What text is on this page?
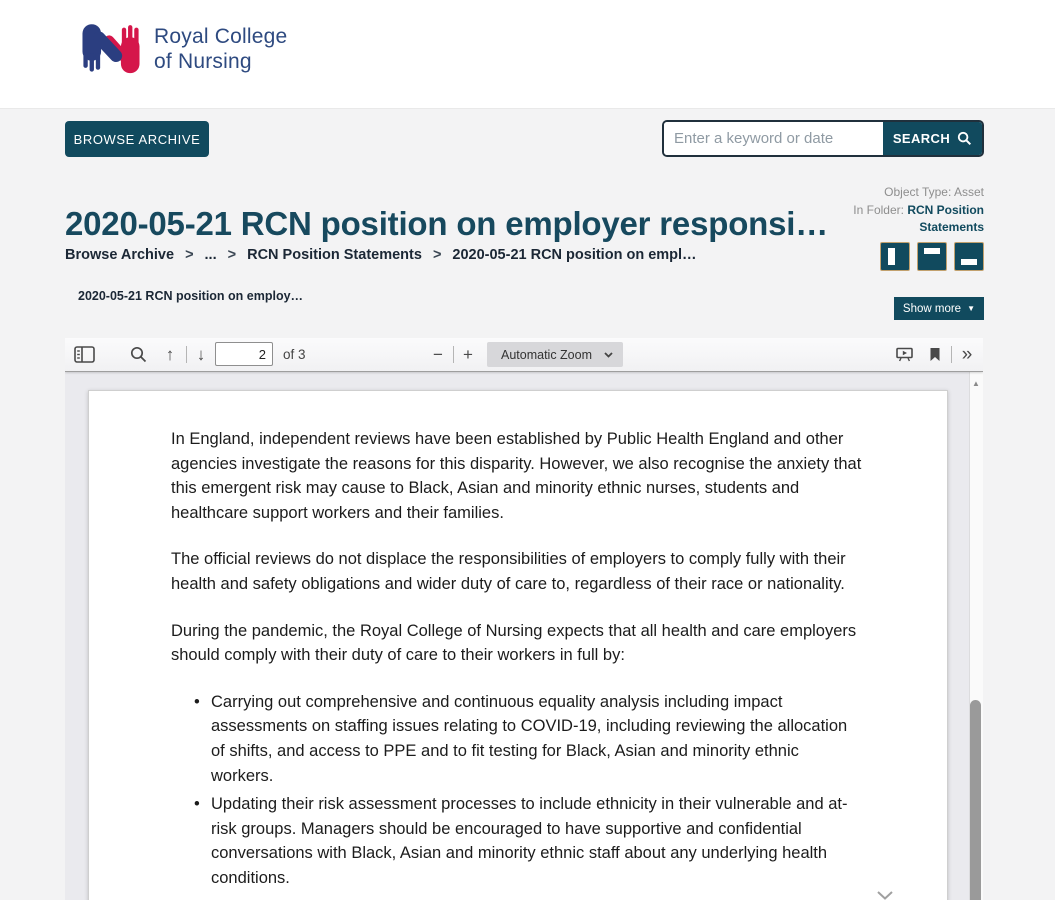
Royal College
of Nursing
BROWSE ARCHIVE
Enter a keyword or date	SEARCH
2020-05-21 RCN position on employer responsi…
Object Type: Asset
In Folder: RCN Position Statements
Browse Archive > ... > RCN Position Statements > 2020-05-21 RCN position on empl…
2020-05-21 RCN position on employ…
Show more ▼
↑ ↓
2	of 3	− +	Automatic Zoom	»

In England, independent reviews have been established by Public Health England and other agencies investigate the reasons for this disparity. However, we also recognise the anxiety that this emergent risk may cause to Black, Asian and minority ethnic nurses, students and healthcare support workers and their families.

The official reviews do not displace the responsibilities of employers to comply fully with their health and safety obligations and wider duty of care to, regardless of their race or nationality.

During the pandemic, the Royal College of Nursing expects that all health and care employers should comply with their duty of care to their workers in full by:

• Carrying out comprehensive and continuous equality analysis including impact assessments on staffing issues relating to COVID-19, including reviewing the allocation of shifts, and access to PPE and to fit testing for Black, Asian and minority ethnic workers.
• Updating their risk assessment processes to include ethnicity in their vulnerable and at-risk groups. Managers should be encouraged to have supportive and confidential conversations with Black, Asian and minority ethnic staff about any underlying health conditions.
▲
